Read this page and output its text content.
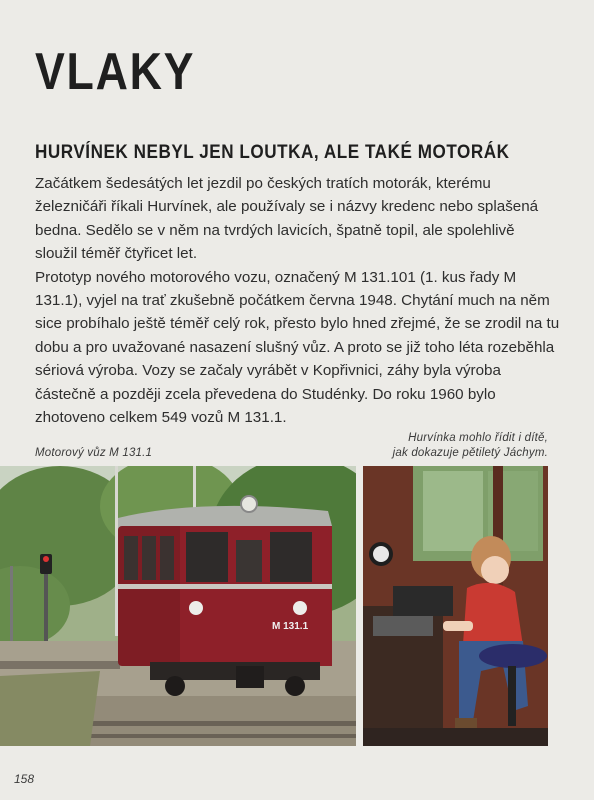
VLAKY
HURVÍNEK NEBYL JEN LOUTKA, ALE TAKÉ MOTORÁK

Začátkem šedesátých let jezdil po českých tratích motorák, kterému železničáři říkali Hurvínek, ale používaly se i názvy kredenc nebo splašená bedna. Sedělo se v něm na tvrdých lavicích, špatně topil, ale spolehlivě sloužil téměř čtyřicet let.

Prototyp nového motorového vozu, označený M 131.101 (1. kus řady M 131.1), vyjel na trať zkušebně počátkem června 1948. Chytání much na něm sice probíhalo ještě téměř celý rok, přesto bylo hned zřejmé, že se zrodil na tu dobu a pro uvažované nasazení slušný vůz. A proto se již toho léta rozeběhla sériová výroba. Vozy se začaly vyrábět v Kopřivnici, záhy byla výroba částečně a později zcela převedena do Studénky. Do roku 1960 bylo zhotoveno celkem 549 vozů M 131.1.

Motorový vůz M 131.1
Hurvínka mohlo řídit i dítě,
jak dokazuje pětiletý Jáchym.
M 131.1
158
